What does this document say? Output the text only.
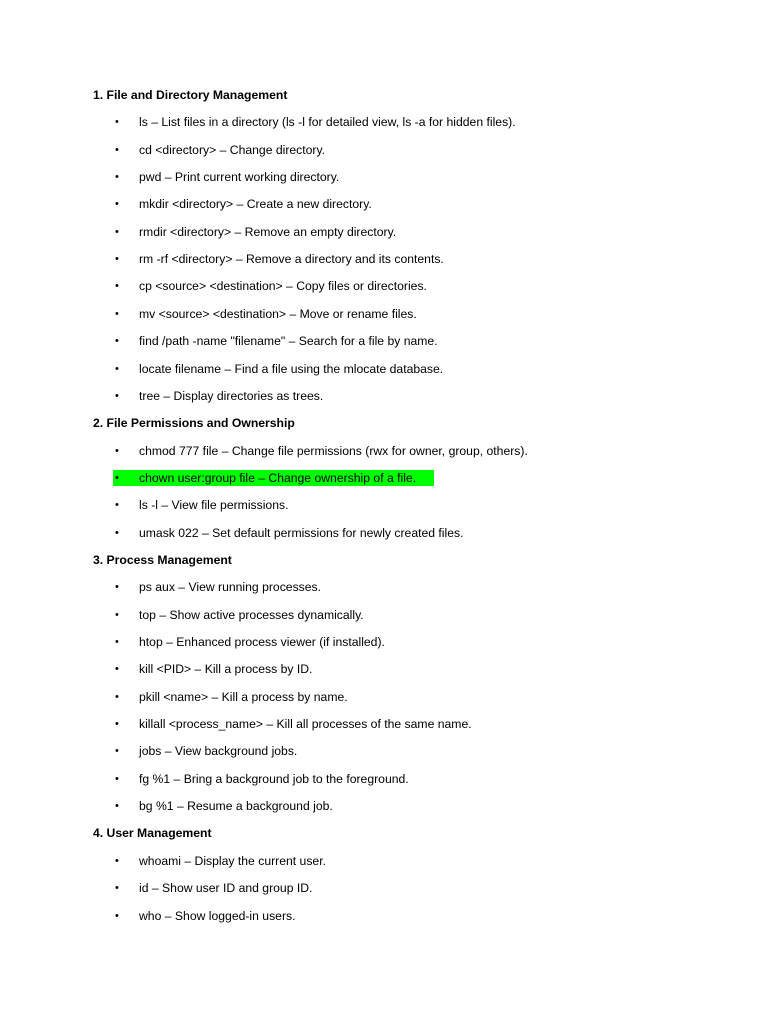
1. File and Directory Management
•	ls – List files in a directory (ls -l for detailed view, ls -a for hidden files).
•	cd <directory> – Change directory.
•	pwd – Print current working directory.
•	mkdir <directory> – Create a new directory.
•	rmdir <directory> – Remove an empty directory.
•	rm -rf <directory> – Remove a directory and its contents.
•	cp <source> <destination> – Copy files or directories.
•	mv <source> <destination> – Move or rename files.
•	find /path -name "filename" – Search for a file by name.
•	locate filename – Find a file using the mlocate database.
•	tree – Display directories as trees.
2. File Permissions and Ownership
•	chmod 777 file – Change file permissions (rwx for owner, group, others).
•	chown user:group file – Change ownership of a file.
•	ls -l – View file permissions.
•	umask 022 – Set default permissions for newly created files.
3. Process Management
•	ps aux – View running processes.
•	top – Show active processes dynamically.
•	htop – Enhanced process viewer (if installed).
•	kill <PID> – Kill a process by ID.
•	pkill <name> – Kill a process by name.
•	killall <process_name> – Kill all processes of the same name.
•	jobs – View background jobs.
•	fg %1 – Bring a background job to the foreground.
•	bg %1 – Resume a background job.
4. User Management
•	whoami – Display the current user.
•	id – Show user ID and group ID.
•	who – Show logged-in users.
